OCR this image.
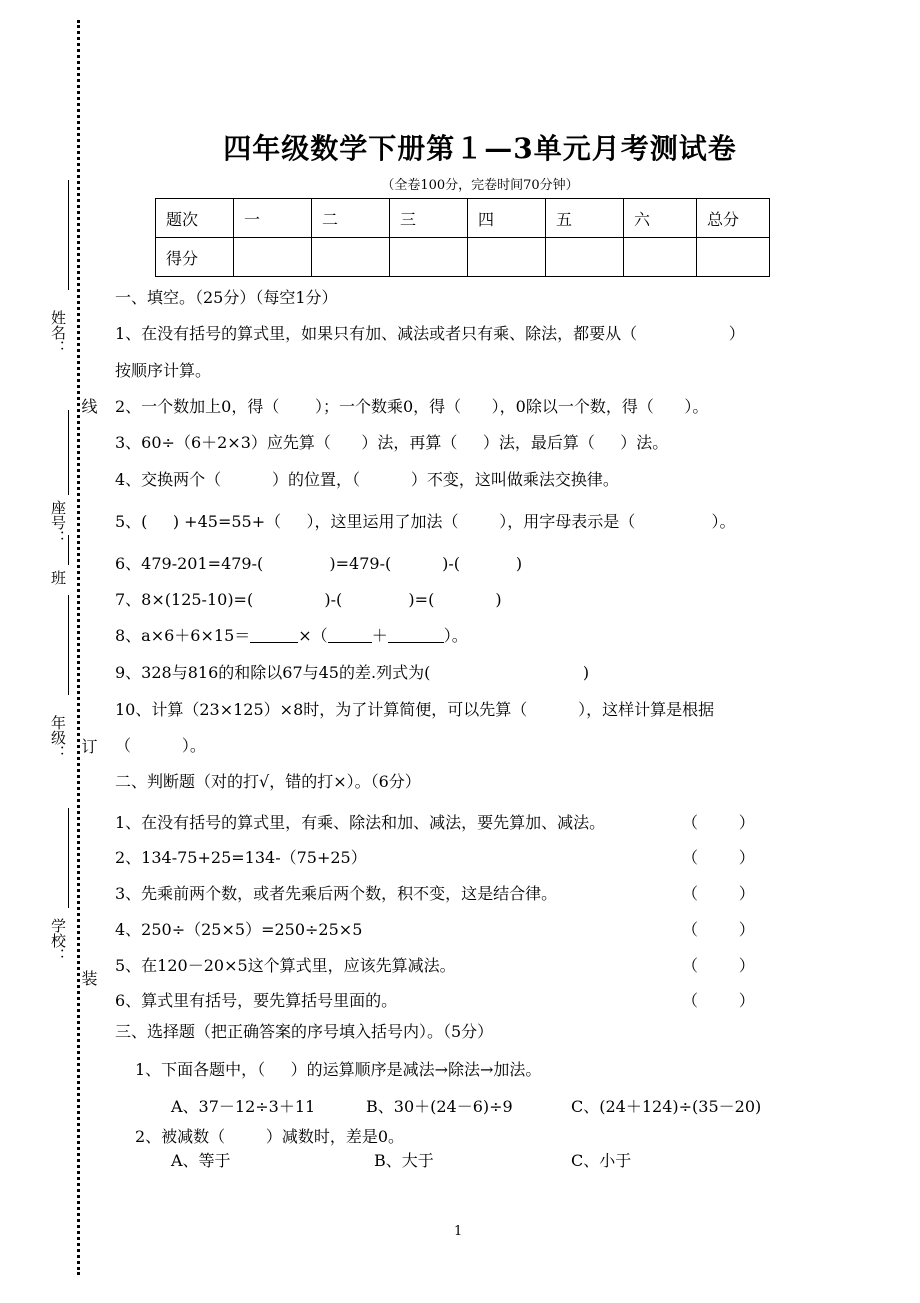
姓名：
线
座号：
班
年级： 订
学校：
装
四年级数学下册第１—3单元月考测试卷
（全卷100分，完卷时间70分钟）
题次	一	二	三	四	五	六	总分
得分							
一、填空。（25分）（每空1分）
1、在没有括号的算式里，如果只有加、减法或者只有乘、除法，都要从（                  ）
按顺序计算。
2、一个数加上0，得（       ）；一个数乘0，得（      ），0除以一个数，得（      ）。
3、60÷（6＋2×3）应先算（      ）法，再算（     ）法，最后算（     ）法。
4、交换两个（          ）的位置，（          ）不变，这叫做乘法交换律。
5、(     ) +45=55+（     ），这里运用了加法（        ），用字母表示是（               ）。
6、479-201=479-(             )=479-(          )-(           )
7、8×(125-10)=(              )-(             )=(            )
8、a×6＋6×15＝	×（	＋	）。
9、328与816的和除以67与45的差.列式为(                              )
10、计算（23×125）×8时，为了计算简便，可以先算（          ），这样计算是根据
（          ）。
二、判断题（对的打√，错的打×）。（6分）
1、在没有括号的算式里，有乘、除法和加、减法，要先算加、减法。	（        ）
2、134-75+25=134-（75+25）	（        ）
3、先乘前两个数，或者先乘后两个数，积不变，这是结合律。	（        ）
4、250÷（25×5）=250÷25×5	（        ）
5、在120－20×5这个算式里，应该先算减法。	（        ）
6、算式里有括号，要先算括号里面的。	（        ）
三、选择题（把正确答案的序号填入括号内）。（5分）
1、下面各题中，（     ）的运算顺序是减法→除法→加法。
A、37－12÷3＋11	B、30＋(24－6)÷9	C、(24＋124)÷(35－20)
2、被减数（        ）减数时，差是0。
A、等于	B、大于	C、小于
1
